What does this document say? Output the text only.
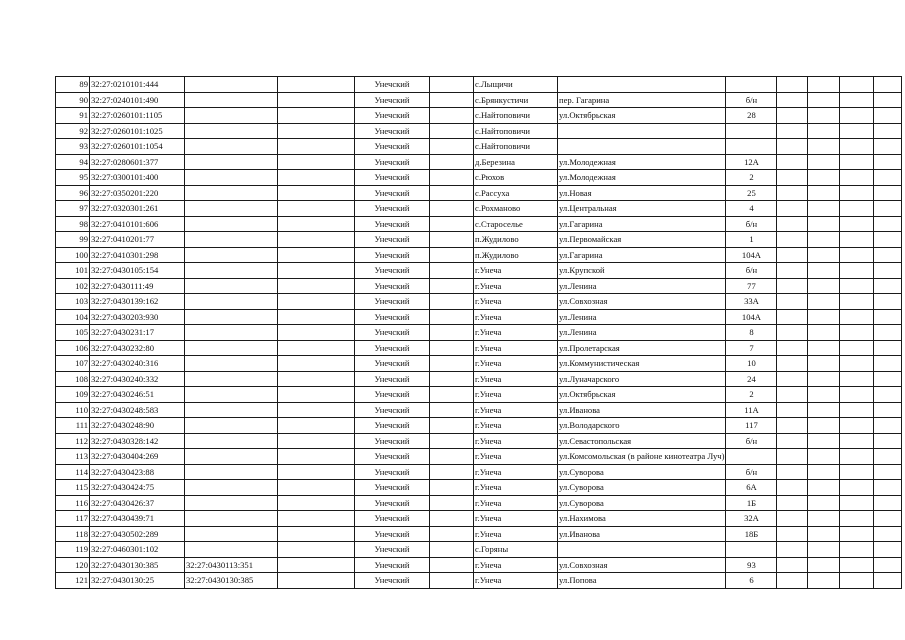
89	32:27:0210101:444			Унечский		с.Лыщичи						
90	32:27:0240101:490			Унечский		с.Брянкустичи	пер. Гагарина	б/н				
91	32:27:0260101:1105			Унечский		с.Найтоповичи	ул.Октябрьская	28				
92	32:27:0260101:1025			Унечский		с.Найтоповичи						
93	32:27:0260101:1054			Унечский		с.Найтоповичи						
94	32:27:0280601:377			Унечский		д.Березина	ул.Молодежная	12А				
95	32:27:0300101:400			Унечский		с.Рюхов	ул.Молодежная	2				
96	32:27:0350201:220			Унечский		с.Рассуха	ул.Новая	25				
97	32:27:0320301:261			Унечский		с.Рохманово	ул.Центральная	4				
98	32:27:0410101:606			Унечский		с.Староселье	ул.Гагарина	б/н				
99	32:27:0410201:77			Унечский		п.Жудилово	ул.Первомайская	1				
100	32:27:0410301:298			Унечский		п.Жудилово	ул.Гагарина	104А				
101	32:27:0430105:154			Унечский		г.Унеча	ул.Крупской	б/н				
102	32:27:0430111:49			Унечский		г.Унеча	ул.Ленина	77				
103	32:27:0430139:162			Унечский		г.Унеча	ул.Совхозная	33А				
104	32:27:0430203:930			Унечский		г.Унеча	ул.Ленина	104А				
105	32:27:0430231:17			Унечский		г.Унеча	ул.Ленина	8				
106	32:27:0430232:80			Унечский		г.Унеча	ул.Пролетарская	7				
107	32:27:0430240:316			Унечский		г.Унеча	ул.Коммунистическая	10				
108	32:27:0430240:332			Унечский		г.Унеча	ул.Луначарского	24				
109	32:27:0430246:51			Унечский		г.Унеча	ул.Октябрьская	2				
110	32:27:0430248:583			Унечский		г.Унеча	ул.Иванова	11А				
111	32:27:0430248:90			Унечский		г.Унеча	ул.Володарского	117				
112	32:27:0430328:142			Унечский		г.Унеча	ул.Севастопольская	б/н				
113	32:27:0430404:269			Унечский		г.Унеча	ул.Комсомольская (в районе кинотеатра Луч)					
114	32:27:0430423:88			Унечский		г.Унеча	ул.Суворова	б/н				
115	32:27:0430424:75			Унечский		г.Унеча	ул.Суворова	6А				
116	32:27:0430426:37			Унечский		г.Унеча	ул.Суворова	1Б				
117	32:27:0430439:71			Унечский		г.Унеча	ул.Нахимова	32А				
118	32:27:0430502:289			Унечский		г.Унеча	ул.Иванова	18Б				
119	32:27:0460301:102			Унечский		с.Горяны						
120	32:27:0430130:385	32:27:0430113:351		Унечский		г.Унеча	ул.Совхозная	93				
121	32:27:0430130:25	32:27:0430130:385		Унечский		г.Унеча	ул.Попова	6				
